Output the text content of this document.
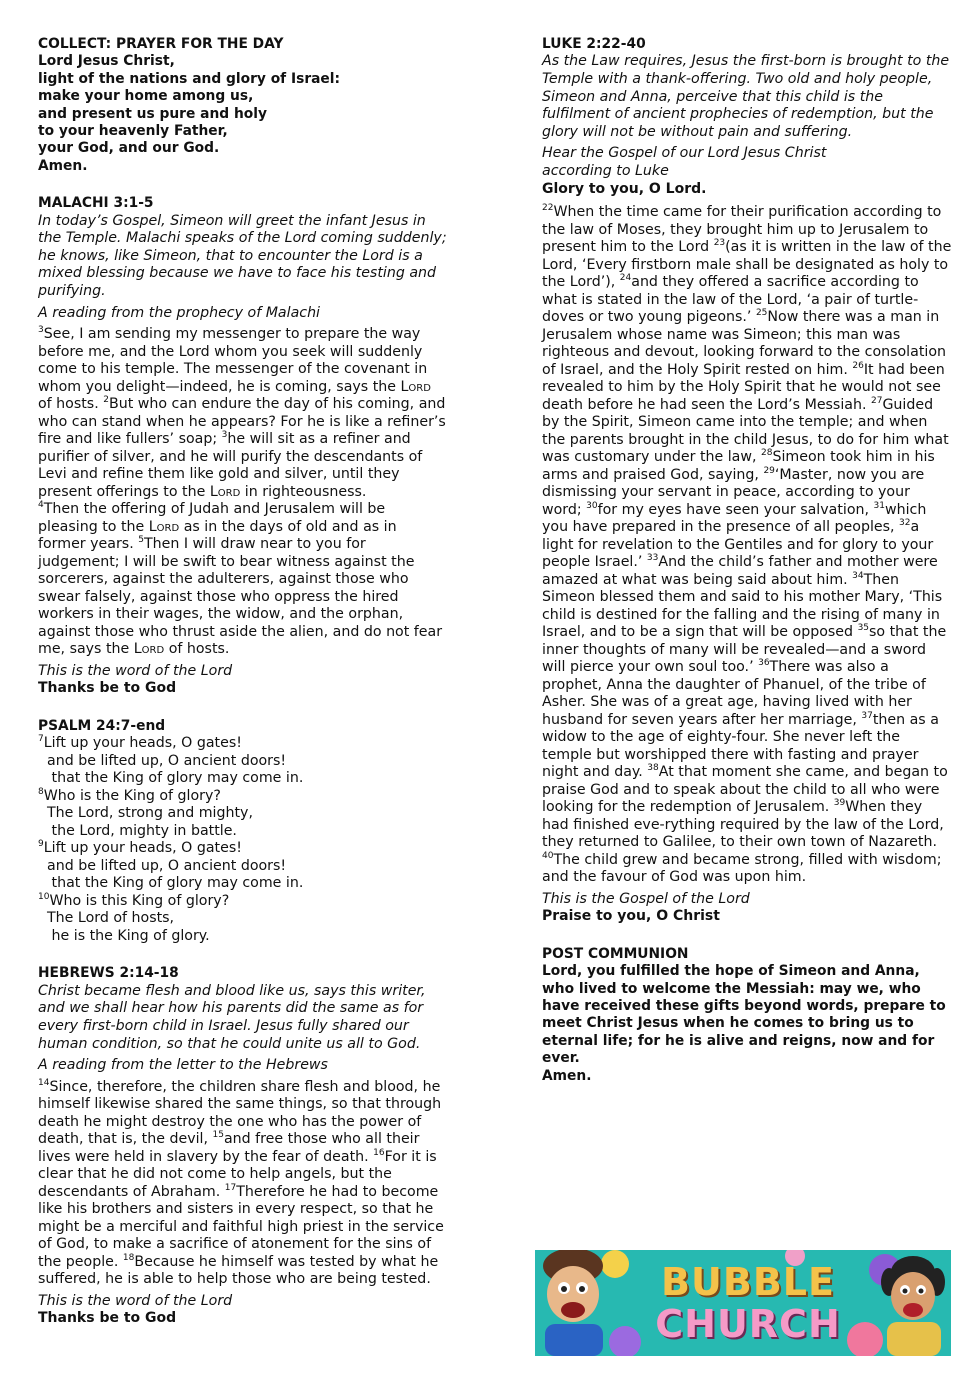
COLLECT: PRAYER FOR THE DAY
Lord Jesus Christ,
light of the nations and glory of Israel:
make your home among us,
and present us pure and holy
to your heavenly Father,
your God, and our God.
Amen.
MALACHI 3:1-5
In today’s Gospel, Simeon will greet the infant Jesus in the Temple. Malachi speaks of the Lord coming suddenly; he knows, like Simeon, that to encounter the Lord is a mixed blessing because we have to face his testing and purifying.
A reading from the prophecy of Malachi
$^3$See, I am sending my messenger to prepare the way before me, and the Lord whom you seek will suddenly come to his temple. The messenger of the covenant in whom you delight—indeed, he is coming, says the Lord of hosts. $^2$But who can endure the day of his coming, and who can stand when he appears? For he is like a refiner’s fire and like fullers’ soap; $^3$he will sit as a refiner and purifier of silver, and he will purify the descendants of Levi and refine them like gold and silver, until they present offerings to the Lord in righteousness.
$^4$Then the offering of Judah and Jerusalem will be pleasing to the Lord as in the days of old and as in former years. $^5$Then I will draw near to you for judgement; I will be swift to bear witness against the sorcerers, against the adulterers, against those who swear falsely, against those who oppress the hired workers in their wages, the widow, and the orphan, against those who thrust aside the alien, and do not fear me, says the Lord of hosts.
This is the word of the Lord
Thanks be to God
PSALM 24:7-end
$^7$Lift up your heads, O gates!
and be lifted up, O ancient doors!
that the King of glory may come in.
$^8$Who is the King of glory?
The Lord, strong and mighty,
the Lord, mighty in battle.
$^9$Lift up your heads, O gates!
and be lifted up, O ancient doors!
that the King of glory may come in.
$^{10}$Who is this King of glory?
The Lord of hosts,
he is the King of glory.
HEBREWS 2:14-18
Christ became flesh and blood like us, says this writer, and we shall hear how his parents did the same as for every first-born child in Israel. Jesus fully shared our human condition, so that he could unite us all to God.
A reading from the letter to the Hebrews
$^{14}$Since, therefore, the children share flesh and blood, he himself likewise shared the same things, so that through death he might destroy the one who has the power of death, that is, the devil, $^{15}$and free those who all their lives were held in slavery by the fear of death. $^{16}$For it is clear that he did not come to help angels, but the descendants of Abraham. $^{17}$Therefore he had to become like his brothers and sisters in every respect, so that he might be a merciful and faithful high priest in the service of God, to make a sacrifice of atonement for the sins of the people. $^{18}$Because he himself was tested by what he suffered, he is able to help those who are being tested.
This is the word of the Lord
Thanks be to God
LUKE 2:22-40
As the Law requires, Jesus the first-born is brought to the Temple with a thank-offering. Two old and holy people, Simeon and Anna, perceive that this child is the fulfilment of ancient prophecies of redemption, but the glory will not be without pain and suffering.
Hear the Gospel of our Lord Jesus Christ
according to Luke
Glory to you, O Lord.
$^{22}$When the time came for their purification according to the law of Moses, they brought him up to Jerusalem to present him to the Lord $^{23}$(as it is written in the law of the Lord, ‘Every firstborn male shall be designated as holy to the Lord’), $^{24}$and they offered a sacrifice according to what is stated in the law of the Lord, ‘a pair of turtle-doves or two young pigeons.’ $^{25}$Now there was a man in Jerusalem whose name was Simeon; this man was righteous and devout, looking forward to the consolation of Israel, and the Holy Spirit rested on him. $^{26}$It had been revealed to him by the Holy Spirit that he would not see death before he had seen the Lord’s Messiah. $^{27}$Guided by the Spirit, Simeon came into the temple; and when the parents brought in the child Jesus, to do for him what was customary under the law, $^{28}$Simeon took him in his arms and praised God, saying, $^{29}$‘Master, now you are dismissing your servant in peace, according to your word; $^{30}$for my eyes have seen your salvation, $^{31}$which you have prepared in the presence of all peoples, $^{32}$a light for revelation to the Gentiles and for glory to your people Israel.’ $^{33}$And the child’s father and mother were amazed at what was being said about him. $^{34}$Then Simeon blessed them and said to his mother Mary, ‘This child is destined for the falling and the rising of many in Israel, and to be a sign that will be opposed $^{35}$so that the inner thoughts of many will be revealed—and a sword will pierce your own soul too.’ $^{36}$There was also a prophet, Anna the daughter of Phanuel, of the tribe of Asher. She was of a great age, having lived with her husband for seven years after her marriage, $^{37}$then as a widow to the age of eighty-four. She never left the temple but worshipped there with fasting and prayer night and day. $^{38}$At that moment she came, and began to praise God and to speak about the child to all who were looking for the redemption of Jerusalem. $^{39}$When they had finished eve-rything required by the law of the Lord, they returned to Galilee, to their own town of Nazareth. $^{40}$The child grew and became strong, filled with wisdom; and the favour of God was upon him.
This is the Gospel of the Lord
Praise to you, O Christ
POST COMMUNION
Lord, you fulfilled the hope of Simeon and Anna, who lived to welcome the Messiah: may we, who have received these gifts beyond words, prepare to meet Christ Jesus when he comes to bring us to eternal life; for he is alive and reigns, now and for ever.
Amen.
BUBBLE
CHURCH
